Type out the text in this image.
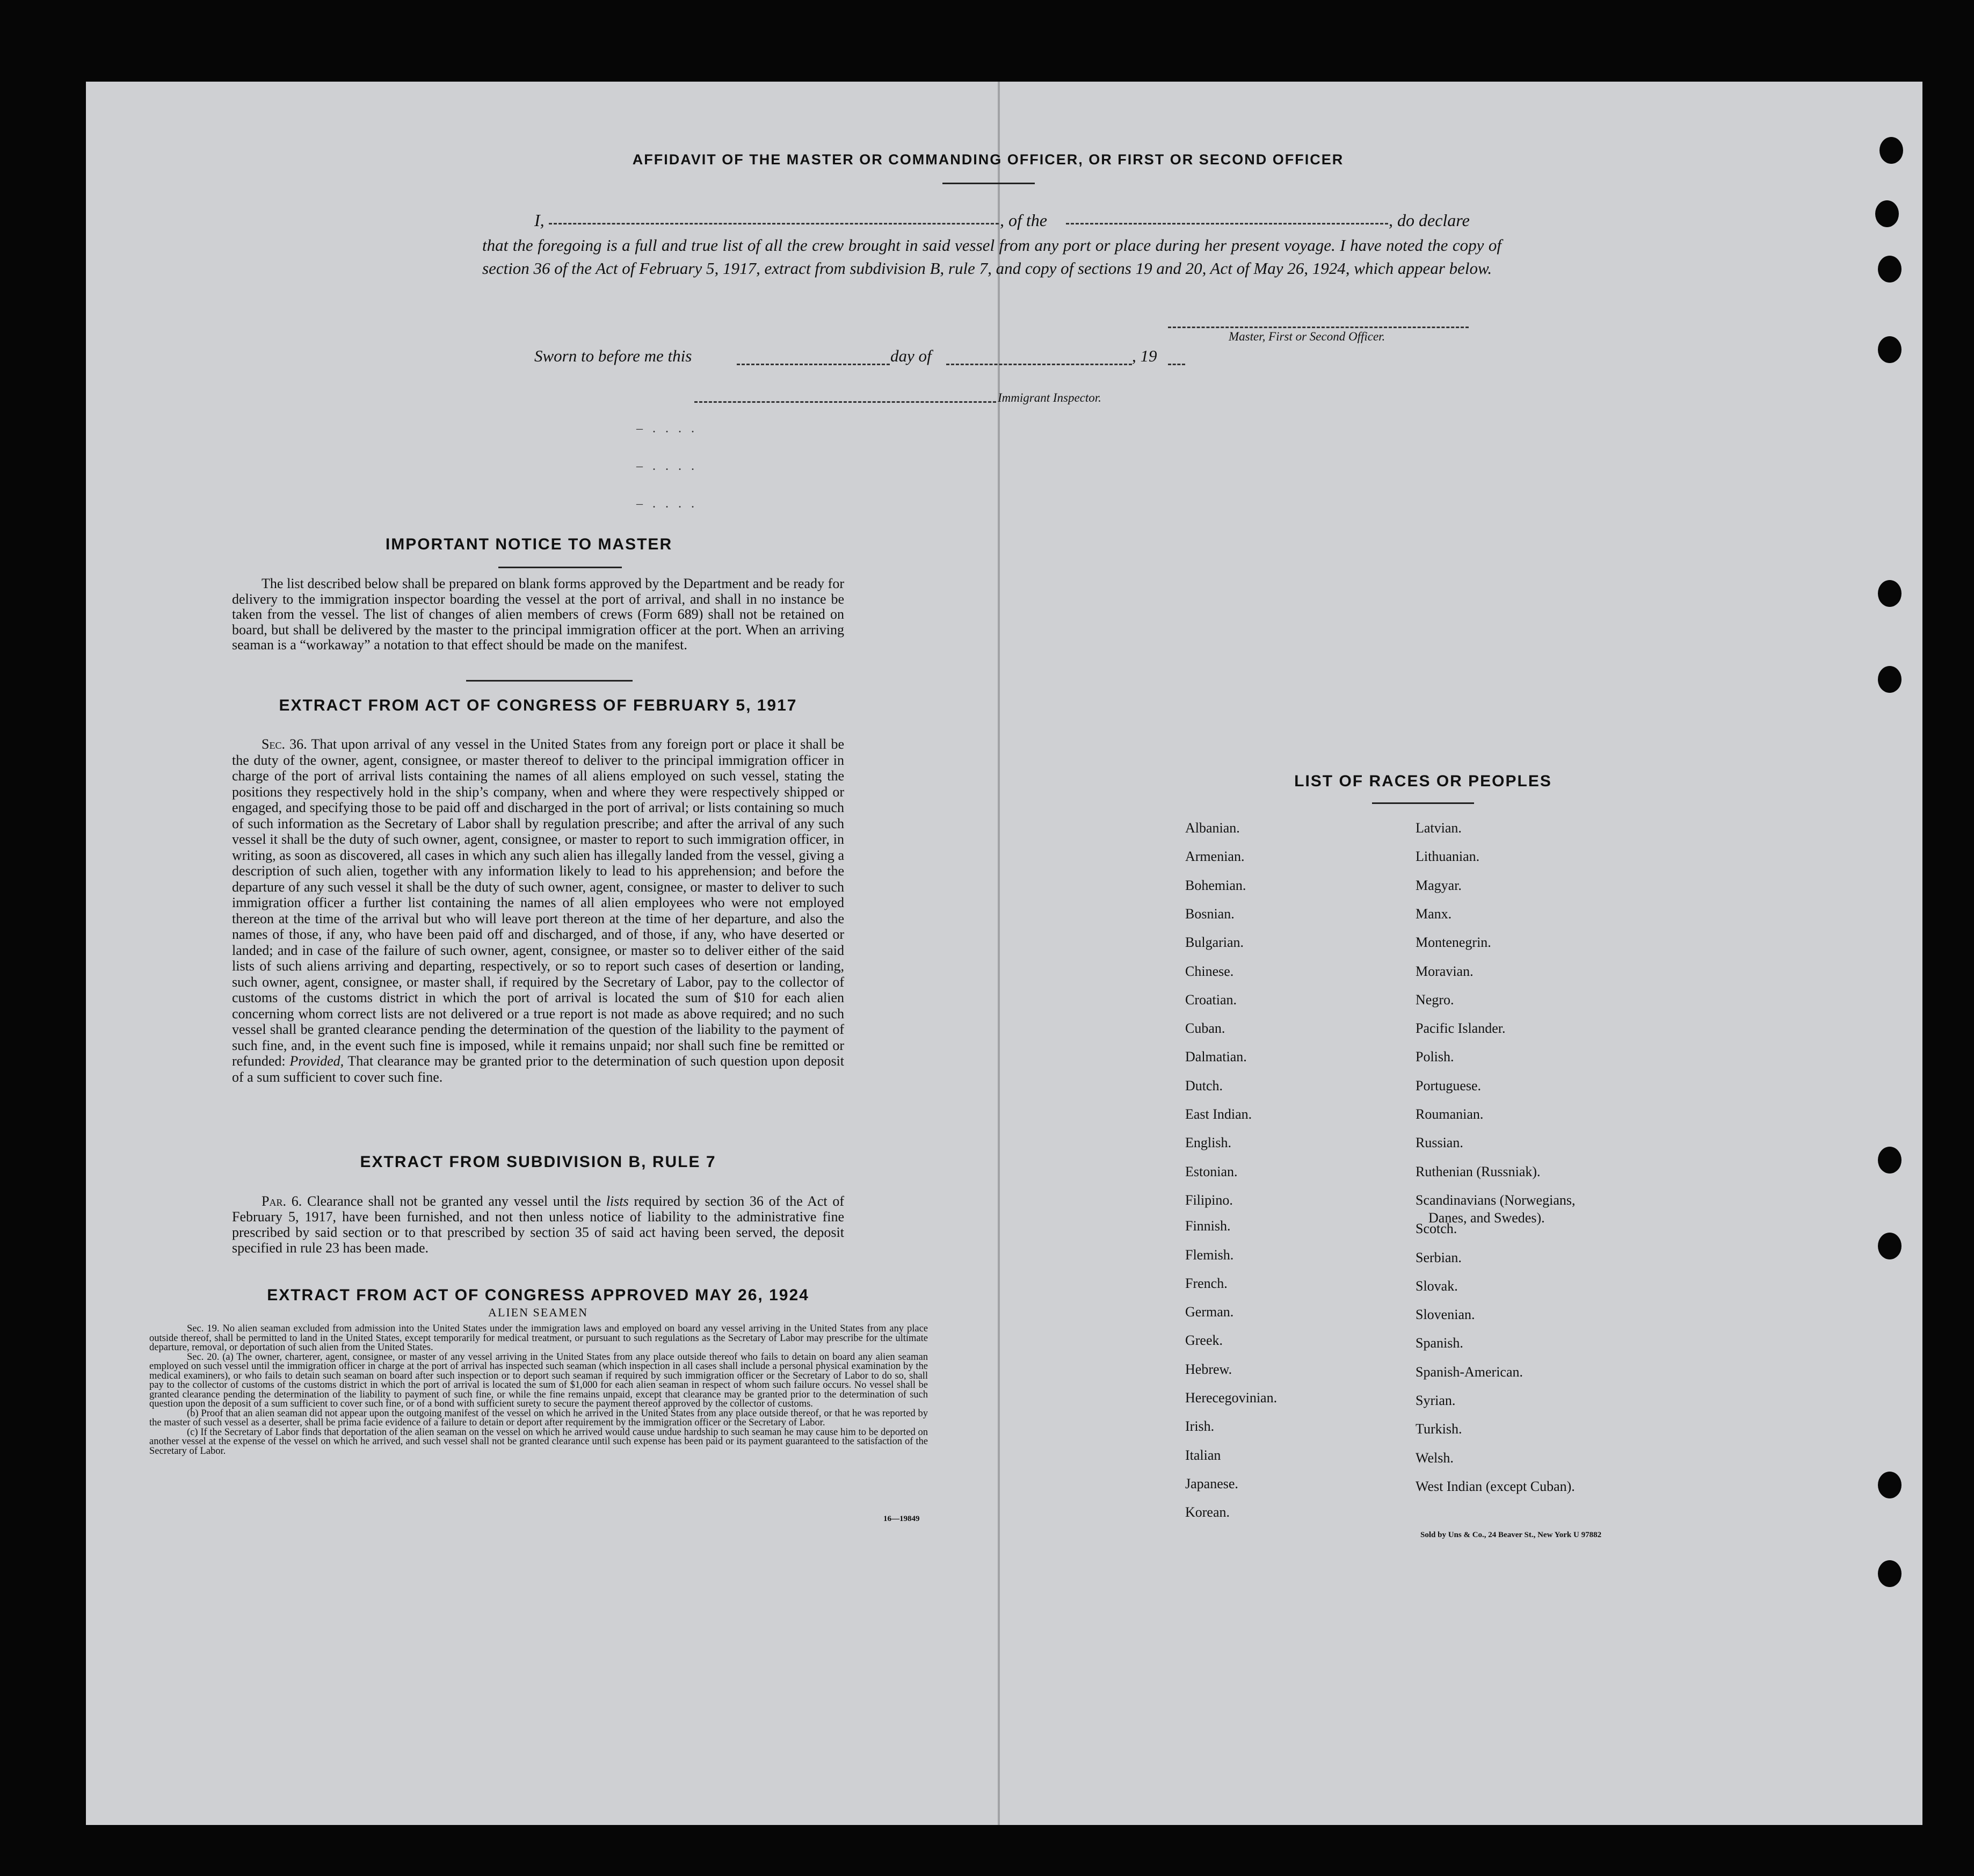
AFFIDAVIT OF THE MASTER OR COMMANDING OFFICER, OR FIRST OR SECOND OFFICER
I,	, of the	, do declare
that the foregoing is a full and true list of all the crew brought in said vessel from any port or place during her present voyage. I have noted the copy of section 36 of the Act of February 5, 1917, extract from subdivision B, rule 7, and copy of sections 19 and 20, Act of May 26, 1924, which appear below.
Master, First or Second Officer.
Sworn to before me this	day of	, 19
Immigrant Inspector.
– . . . .
– . . . .
– . . . .
IMPORTANT NOTICE TO MASTER
The list described below shall be prepared on blank forms approved by the Department and be ready for delivery to the immigration inspector boarding the vessel at the port of arrival, and shall in no instance be taken from the vessel. The list of changes of alien members of crews (Form 689) shall not be retained on board, but shall be delivered by the master to the principal immigration officer at the port. When an arriving seaman is a “workaway” a notation to that effect should be made on the manifest.
EXTRACT FROM ACT OF CONGRESS OF FEBRUARY 5, 1917
Sec. 36. That upon arrival of any vessel in the United States from any foreign port or place it shall be the duty of the owner, agent, consignee, or master thereof to deliver to the principal immigration officer in charge of the port of arrival lists containing the names of all aliens employed on such vessel, stating the positions they respectively hold in the ship’s company, when and where they were respectively shipped or engaged, and specifying those to be paid off and discharged in the port of arrival; or lists containing so much of such information as the Secretary of Labor shall by regulation prescribe; and after the arrival of any such vessel it shall be the duty of such owner, agent, consignee, or master to report to such immigration officer, in writing, as soon as discovered, all cases in which any such alien has illegally landed from the vessel, giving a description of such alien, together with any information likely to lead to his apprehension; and before the departure of any such vessel it shall be the duty of such owner, agent, consignee, or master to deliver to such immigration officer a further list containing the names of all alien employees who were not employed thereon at the time of the arrival but who will leave port thereon at the time of her departure, and also the names of those, if any, who have been paid off and discharged, and of those, if any, who have deserted or landed; and in case of the failure of such owner, agent, consignee, or master so to deliver either of the said lists of such aliens arriving and departing, respectively, or so to report such cases of desertion or landing, such owner, agent, consignee, or master shall, if required by the Secretary of Labor, pay to the collector of customs of the customs district in which the port of arrival is located the sum of $10 for each alien concerning whom correct lists are not delivered or a true report is not made as above required; and no such vessel shall be granted clearance pending the determination of the question of the liability to the payment of such fine, and, in the event such fine is imposed, while it remains unpaid; nor shall such fine be remitted or refunded: Provided, That clearance may be granted prior to the determination of such question upon deposit of a sum sufficient to cover such fine.
EXTRACT FROM SUBDIVISION B, RULE 7
Par. 6. Clearance shall not be granted any vessel until the lists required by section 36 of the Act of February 5, 1917, have been furnished, and not then unless notice of liability to the administrative fine prescribed by said section or to that prescribed by section 35 of said act having been served, the deposit specified in rule 23 has been made.
EXTRACT FROM ACT OF CONGRESS APPROVED MAY 26, 1924
ALIEN SEAMEN
Sec. 19. No alien seaman excluded from admission into the United States under the immigration laws and employed on board any vessel arriving in the United States from any place outside thereof, shall be permitted to land in the United States, except temporarily for medical treatment, or pursuant to such regulations as the Secretary of Labor may prescribe for the ultimate departure, removal, or deportation of such alien from the United States.
Sec. 20. (a) The owner, charterer, agent, consignee, or master of any vessel arriving in the United States from any place outside thereof who fails to detain on board any alien seaman employed on such vessel until the immigration officer in charge at the port of arrival has inspected such seaman (which inspection in all cases shall include a personal physical examination by the medical examiners), or who fails to detain such seaman on board after such inspection or to deport such seaman if required by such immigration officer or the Secretary of Labor to do so, shall pay to the collector of customs of the customs district in which the port of arrival is located the sum of $1,000 for each alien seaman in respect of whom such failure occurs. No vessel shall be granted clearance pending the determination of the liability to payment of such fine, or while the fine remains unpaid, except that clearance may be granted prior to the determination of such question upon the deposit of a sum sufficient to cover such fine, or of a bond with sufficient surety to secure the payment thereof approved by the collector of customs.
(b) Proof that an alien seaman did not appear upon the outgoing manifest of the vessel on which he arrived in the United States from any place outside thereof, or that he was reported by the master of such vessel as a deserter, shall be prima facie evidence of a failure to detain or deport after requirement by the immigration officer or the Secretary of Labor.
(c) If the Secretary of Labor finds that deportation of the alien seaman on the vessel on which he arrived would cause undue hardship to such seaman he may cause him to be deported on another vessel at the expense of the vessel on which he arrived, and such vessel shall not be granted clearance until such expense has been paid or its payment guaranteed to the satisfaction of the Secretary of Labor.
16—19849
LIST OF RACES OR PEOPLES
Albanian.
Armenian.
Bohemian.
Bosnian.
Bulgarian.
Chinese.
Croatian.
Cuban.
Dalmatian.
Dutch.
East Indian.
English.
Estonian.
Filipino.
Finnish.
Flemish.
French.
German.
Greek.
Hebrew.
Herecegovinian.
Irish.
Italian
Japanese.
Korean.
Latvian.
Lithuanian.
Magyar.
Manx.
Montenegrin.
Moravian.
Negro.
Pacific Islander.
Polish.
Portuguese.
Roumanian.
Russian.
Ruthenian (Russniak).
Scandinavians (Norwegians,
Danes, and Swedes).
Scotch.
Serbian.
Slovak.
Slovenian.
Spanish.
Spanish-American.
Syrian.
Turkish.
Welsh.
West Indian (except Cuban).
Sold by Uns & Co., 24 Beaver St., New York U 97882
